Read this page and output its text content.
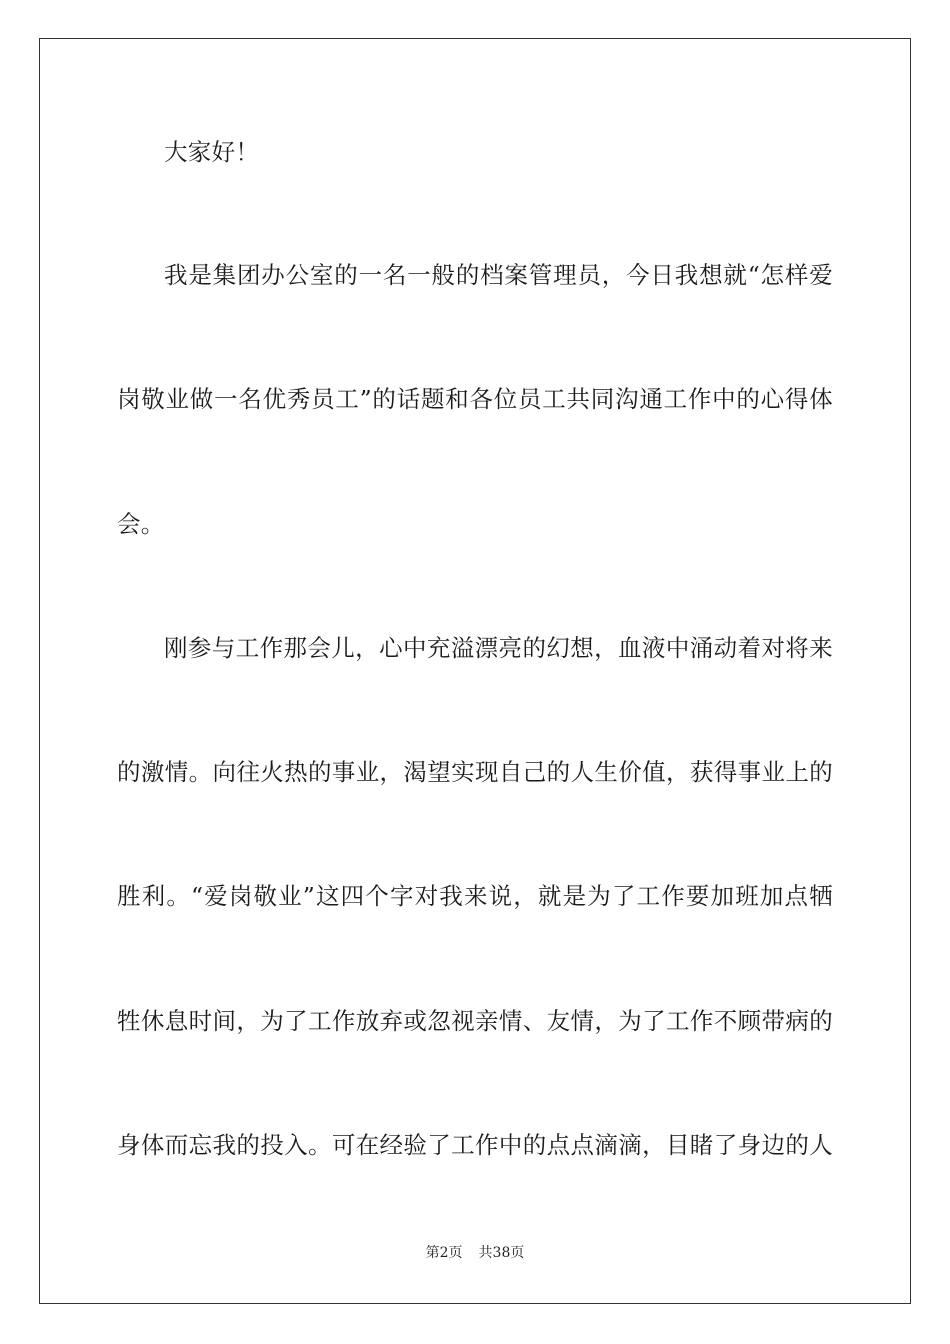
大家好！
我是集团办公室的一名一般的档案管理员，今日我想就“怎样爱
岗敬业做一名优秀员工”的话题和各位员工共同沟通工作中的心得体
会。
刚参与工作那会儿，心中充溢漂亮的幻想，血液中涌动着对将来
的激情。向往火热的事业，渴望实现自己的人生价值，获得事业上的
胜利。“爱岗敬业”这四个字对我来说，就是为了工作要加班加点牺
牲休息时间，为了工作放弃或忽视亲情、友情，为了工作不顾带病的
身体而忘我的投入。可在经验了工作中的点点滴滴，目睹了身边的人
第2页 共38页
